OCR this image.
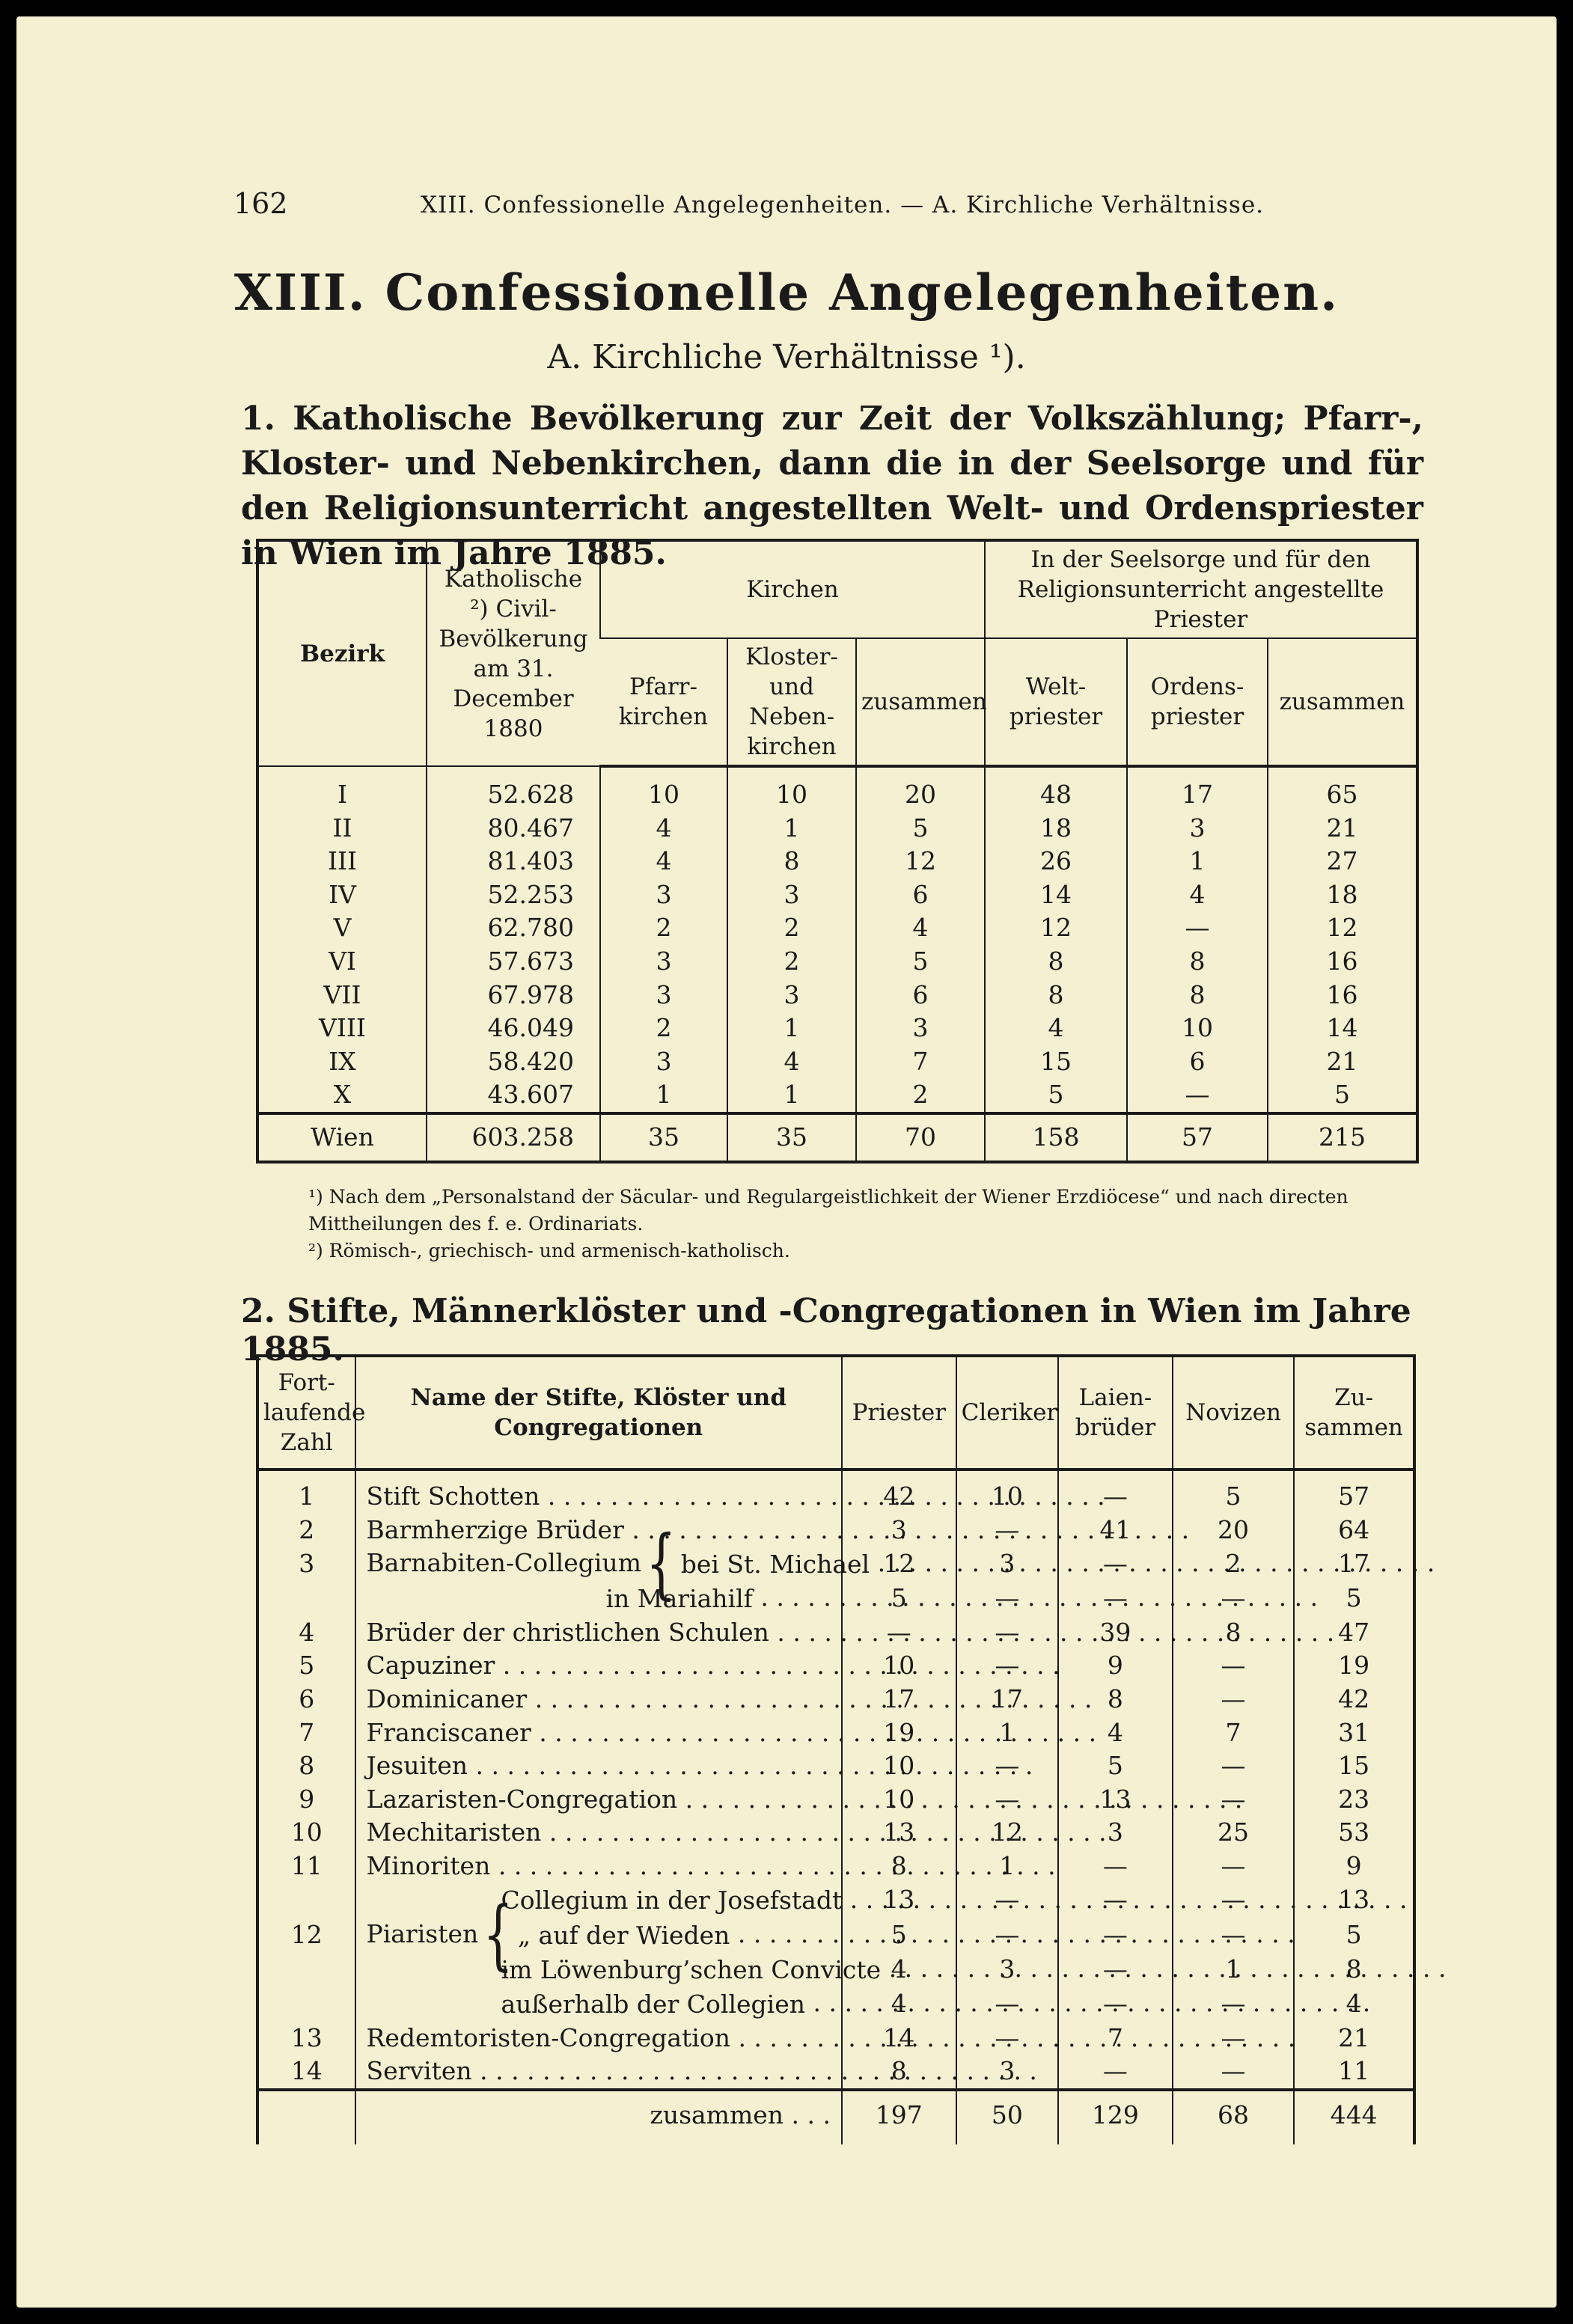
162	XIII. Confessionelle Angelegenheiten. — A. Kirchliche Verhältnisse.
XIII. Confessionelle Angelegenheiten.
A. Kirchliche Verhältnisse ¹).
1. Katholische Bevölkerung zur Zeit der Volkszählung; Pfarr-, Kloster- und Nebenkirchen, dann die in der Seelsorge und für den Religionsunterricht angestellten Welt- und Ordenspriester in Wien im Jahre 1885.
Bezirk	Katholische ²) Civil-Bevölkerung am 31. December 1880	Kirchen			In der Seelsorge und für den Religionsunterricht angestellte Priester		
		Pfarr-kirchen	Kloster- und Neben-kirchen	zusammen	Welt-priester	Ordens-priester	zusammen
I	52.628	10	10	20	48	17	65
II	80.467	4	1	5	18	3	21
III	81.403	4	8	12	26	1	27
IV	52.253	3	3	6	14	4	18
V	62.780	2	2	4	12	—	12
VI	57.673	3	2	5	8	8	16
VII	67.978	3	3	6	8	8	16
VIII	46.049	2	1	3	4	10	14
IX	58.420	3	4	7	15	6	21
X	43.607	1	1	2	5	—	5
Wien	603.258	35	35	70	158	57	215
¹) Nach dem „Personalstand der Säcular- und Regulargeistlichkeit der Wiener Erzdiöcese“ und nach directen Mittheilungen des f. e. Ordinariats.
²) Römisch-, griechisch- und armenisch-katholisch.
2. Stifte, Männerklöster und -Congregationen in Wien im Jahre 1885.
Fort-laufende Zahl	Name der Stifte, Klöster und Congregationen	Priester	Cleriker	Laien-brüder	Novizen	Zu-sammen
1	Stift Schotten . . .	42	10	—	5	57
2	Barmherzige Brüder . . .	3	—	41	20	64
3	Barnabiten-Collegium{ bei St. Michael . . .	12	3	—	2	17
	in Mariahilf . . .	5	—	—	—	5
4	Brüder der christlichen Schulen . . .	—	—	39	8	47
5	Capuziner . . .	10	—	9	—	19
6	Dominicaner . . .	17	17	8	—	42
7	Franciscaner . . .	19	1	4	7	31
8	Jesuiten . . .	10	—	5	—	15
9	Lazaristen-Congregation . . .	10	—	13	—	23
10	Mechitaristen . . .	13	12	3	25	53
11	Minoriten . . .	8	1	—	—	9
	Collegium in der Josefstadt . . .	13	—	—	—	13
12	Piaristen{ „ auf der Wieden . . .	5	—	—	—	5
	im Löwenburg’schen Convicte . . .	4	3	—	1	8
	außerhalb der Collegien . . .	4	—	—	—	4
13	Redemtoristen-Congregation . . .	14	—	7	—	21
14	Serviten . . .	8	3	—	—	11
	zusammen . . .	197	50	129	68	444
